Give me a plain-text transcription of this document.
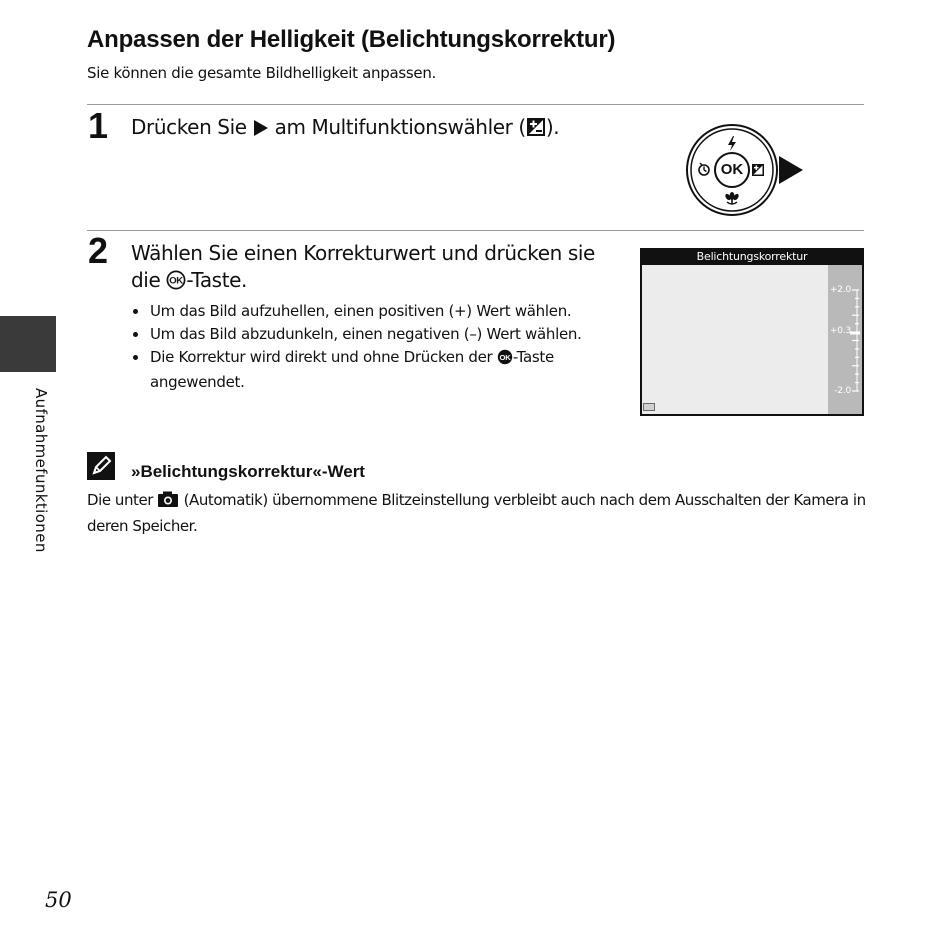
Anpassen der Helligkeit (Belichtungskorrektur)
Sie können die gesamte Bildhelligkeit anpassen.
1 Drücken Sie am Multifunktionswähler ( ).
OK
2 Wählen Sie einen Korrekturwert und drücken sie die OK -Taste.
Um das Bild aufzuhellen, einen positiven (+) Wert wählen.
Um das Bild abzudunkeln, einen negativen (–) Wert wählen.
Die Korrektur wird direkt und ohne Drücken der OK -Taste angewendet.
Belichtungskorrektur
+2.0
+0.3
-2.0
Aufnahmefunktionen	»Belichtungskorrektur«-Wert
Die unter (Automatik) übernommene Blitzeinstellung verbleibt auch nach dem Ausschalten der Kamera in deren Speicher.
50
